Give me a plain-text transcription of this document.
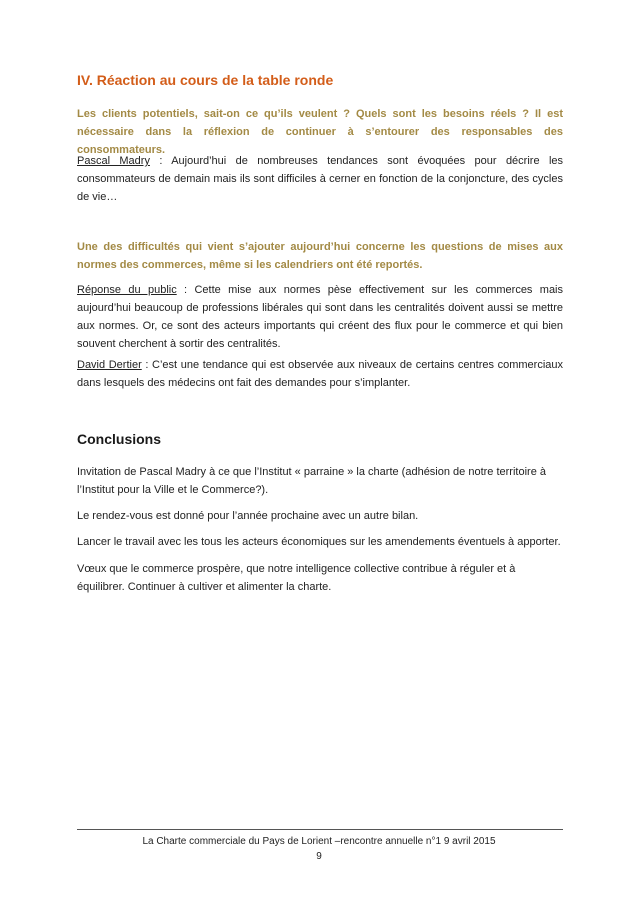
IV. Réaction au cours de la table ronde
Les clients potentiels, sait-on ce qu’ils veulent ? Quels sont les besoins réels ? Il est nécessaire dans la réflexion de continuer à s’entourer des responsables des consommateurs.
Pascal Madry : Aujourd’hui de nombreuses tendances sont évoquées pour décrire les consommateurs de demain mais ils sont difficiles à cerner en fonction de la conjoncture, des cycles de vie…
Une des difficultés qui vient s’ajouter aujourd’hui concerne les questions de mises aux normes des commerces, même si les calendriers ont été reportés.
Réponse du public : Cette mise aux normes pèse effectivement sur les commerces mais aujourd’hui beaucoup de professions libérales qui sont dans les centralités doivent aussi se mettre aux normes. Or, ce sont des acteurs importants qui créent des flux pour le commerce et qui bien souvent cherchent à sortir des centralités.
David Dertier : C’est une tendance qui est observée aux niveaux de certains centres commerciaux dans lesquels des médecins ont fait des demandes pour s’implanter.
Conclusions
Invitation de Pascal Madry à ce que l’Institut « parraine » la charte (adhésion de notre territoire à l’Institut pour la Ville et le Commerce?).
Le rendez-vous est donné pour l’année prochaine avec un autre bilan.
Lancer le travail avec les tous les acteurs économiques sur les amendements éventuels à apporter.
Vœux que le commerce prospère, que notre intelligence collective contribue à réguler et à équilibrer. Continuer à cultiver et alimenter la charte.
La Charte commerciale du Pays de Lorient –rencontre annuelle n°1 9 avril 2015
9
